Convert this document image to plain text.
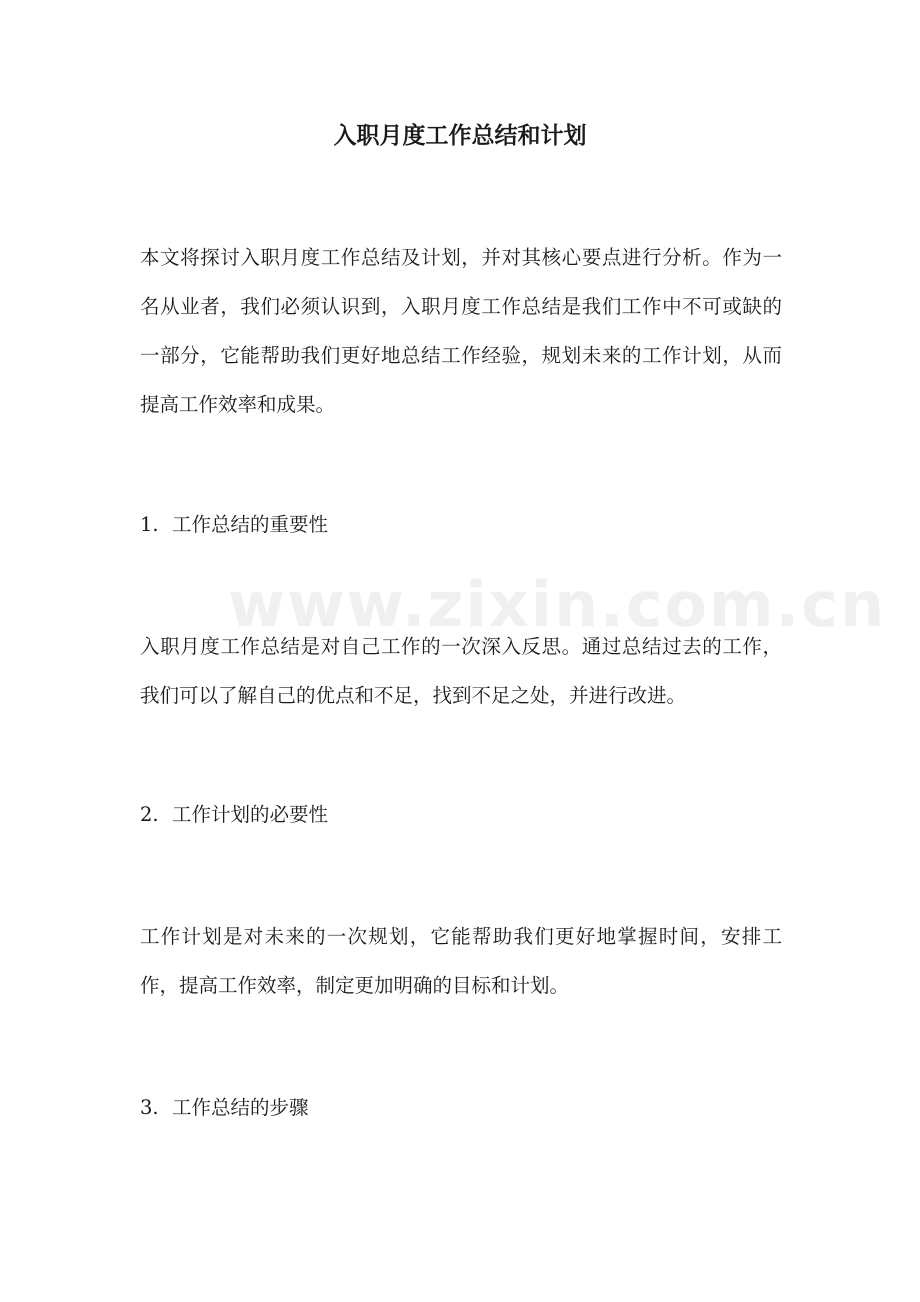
www.zixin.com.cn
入职月度工作总结和计划

本文将探讨入职月度工作总结及计划，并对其核心要点进行分析。作为一名从业者，我们必须认识到，入职月度工作总结是我们工作中不可或缺的一部分，它能帮助我们更好地总结工作经验，规划未来的工作计划，从而提高工作效率和成果。

1. 工作总结的重要性

入职月度工作总结是对自己工作的一次深入反思。通过总结过去的工作，我们可以了解自己的优点和不足，找到不足之处，并进行改进。

2. 工作计划的必要性

工作计划是对未来的一次规划，它能帮助我们更好地掌握时间，安排工作，提高工作效率，制定更加明确的目标和计划。

3. 工作总结的步骤
